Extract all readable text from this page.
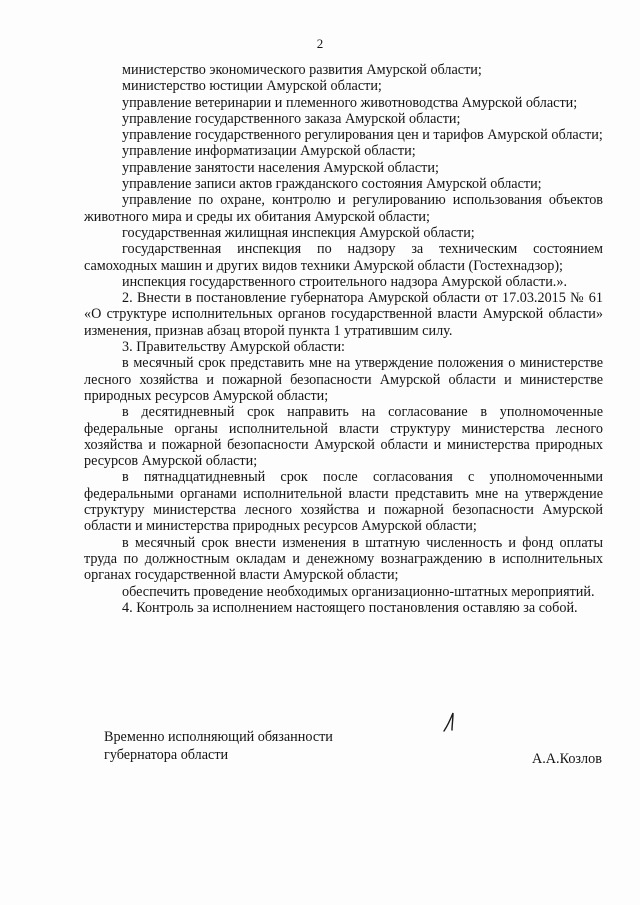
2

министерство экономического развития Амурской области;

министерство юстиции Амурской области;

управление ветеринарии и племенного животноводства Амурской области;

управление государственного заказа Амурской области;

управление государственного регулирования цен и тарифов Амурской области;

управление информатизации Амурской области;

управление занятости населения Амурской области;

управление записи актов гражданского состояния Амурской области;

управление по охране, контролю и регулированию использования объектов животного мира и среды их обитания Амурской области;

государственная жилищная инспекция Амурской области;

государственная инспекция по надзору за техническим состоянием самоходных машин и других видов техники Амурской области (Гостехнадзор);

инспекция государственного строительного надзора Амурской области.».

2. Внести в постановление губернатора Амурской области от 17.03.2015 № 61 «О структуре исполнительных органов государственной власти Амурской области» изменения, признав абзац второй пункта 1 утратившим силу.

3. Правительству Амурской области:

в месячный срок представить мне на утверждение положения о министерстве лесного хозяйства и пожарной безопасности Амурской области и министерстве природных ресурсов Амурской области;

в десятидневный срок направить на согласование в уполномоченные федеральные органы исполнительной власти структуру министерства лесного хозяйства и пожарной безопасности Амурской области и министерства природных ресурсов Амурской области;

в пятнадцатидневный срок после согласования с уполномоченными федеральными органами исполнительной власти представить мне на утверждение структуру министерства лесного хозяйства и пожарной безопасности Амурской области и министерства природных ресурсов Амурской области;

в месячный срок внести изменения в штатную численность и фонд оплаты труда по должностным окладам и денежному вознаграждению в исполнительных органах государственной власти Амурской области;

обеспечить проведение необходимых организационно-штатных мероприятий.

4. Контроль за исполнением настоящего постановления оставляю за собой.

Временно исполняющий обязанности
губернатора области	А.А.Козлов
